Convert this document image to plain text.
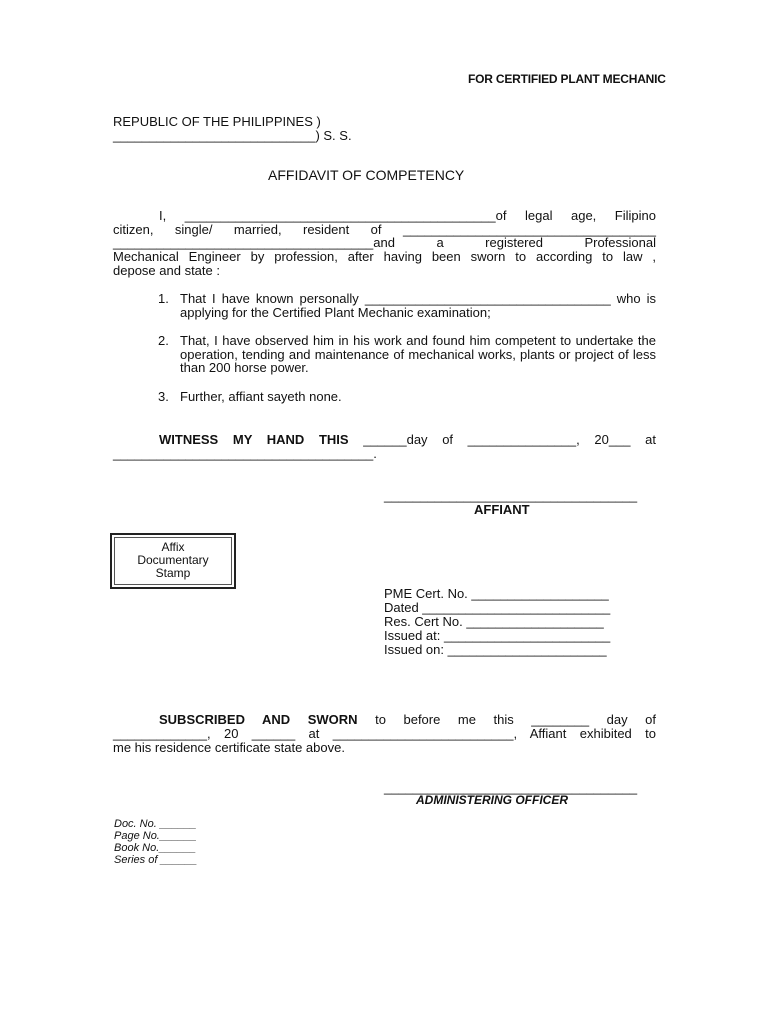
FOR CERTIFIED PLANT MECHANIC
REPUBLIC OF THE PHILIPPINES )
____________________________) S. S.
AFFIDAVIT OF COMPETENCY
I, ___________________________________________of legal age, Filipino
citizen, single/ married, resident of ___________________________________
____________________________________and a registered Professional
Mechanical Engineer by profession, after having been sworn to according to law ,
depose and state :
1. That I have known personally __________________________________ who is applying for the Certified Plant Mechanic examination;
2. That, I have observed him in his work and found him competent to undertake the operation, tending and maintenance of mechanical works, plants or project of less than 200 horse power.
3. Further, affiant sayeth none.
WITNESS MY HAND THIS ______day of _______________, 20___ at
____________________________________.
___________________________________
AFFIANT
Affix
Documentary
Stamp
PME Cert. No. ___________________
Dated __________________________
Res. Cert No. ___________________
Issued at: _______________________
Issued on: ______________________
SUBSCRIBED AND SWORN to before me this ________ day of
_____________, 20 ______ at _________________________, Affiant exhibited to
me his residence certificate state above.
___________________________________
ADMINISTERING OFFICER
Doc. No. ______
Page No.______
Book No.______
Series of ______
